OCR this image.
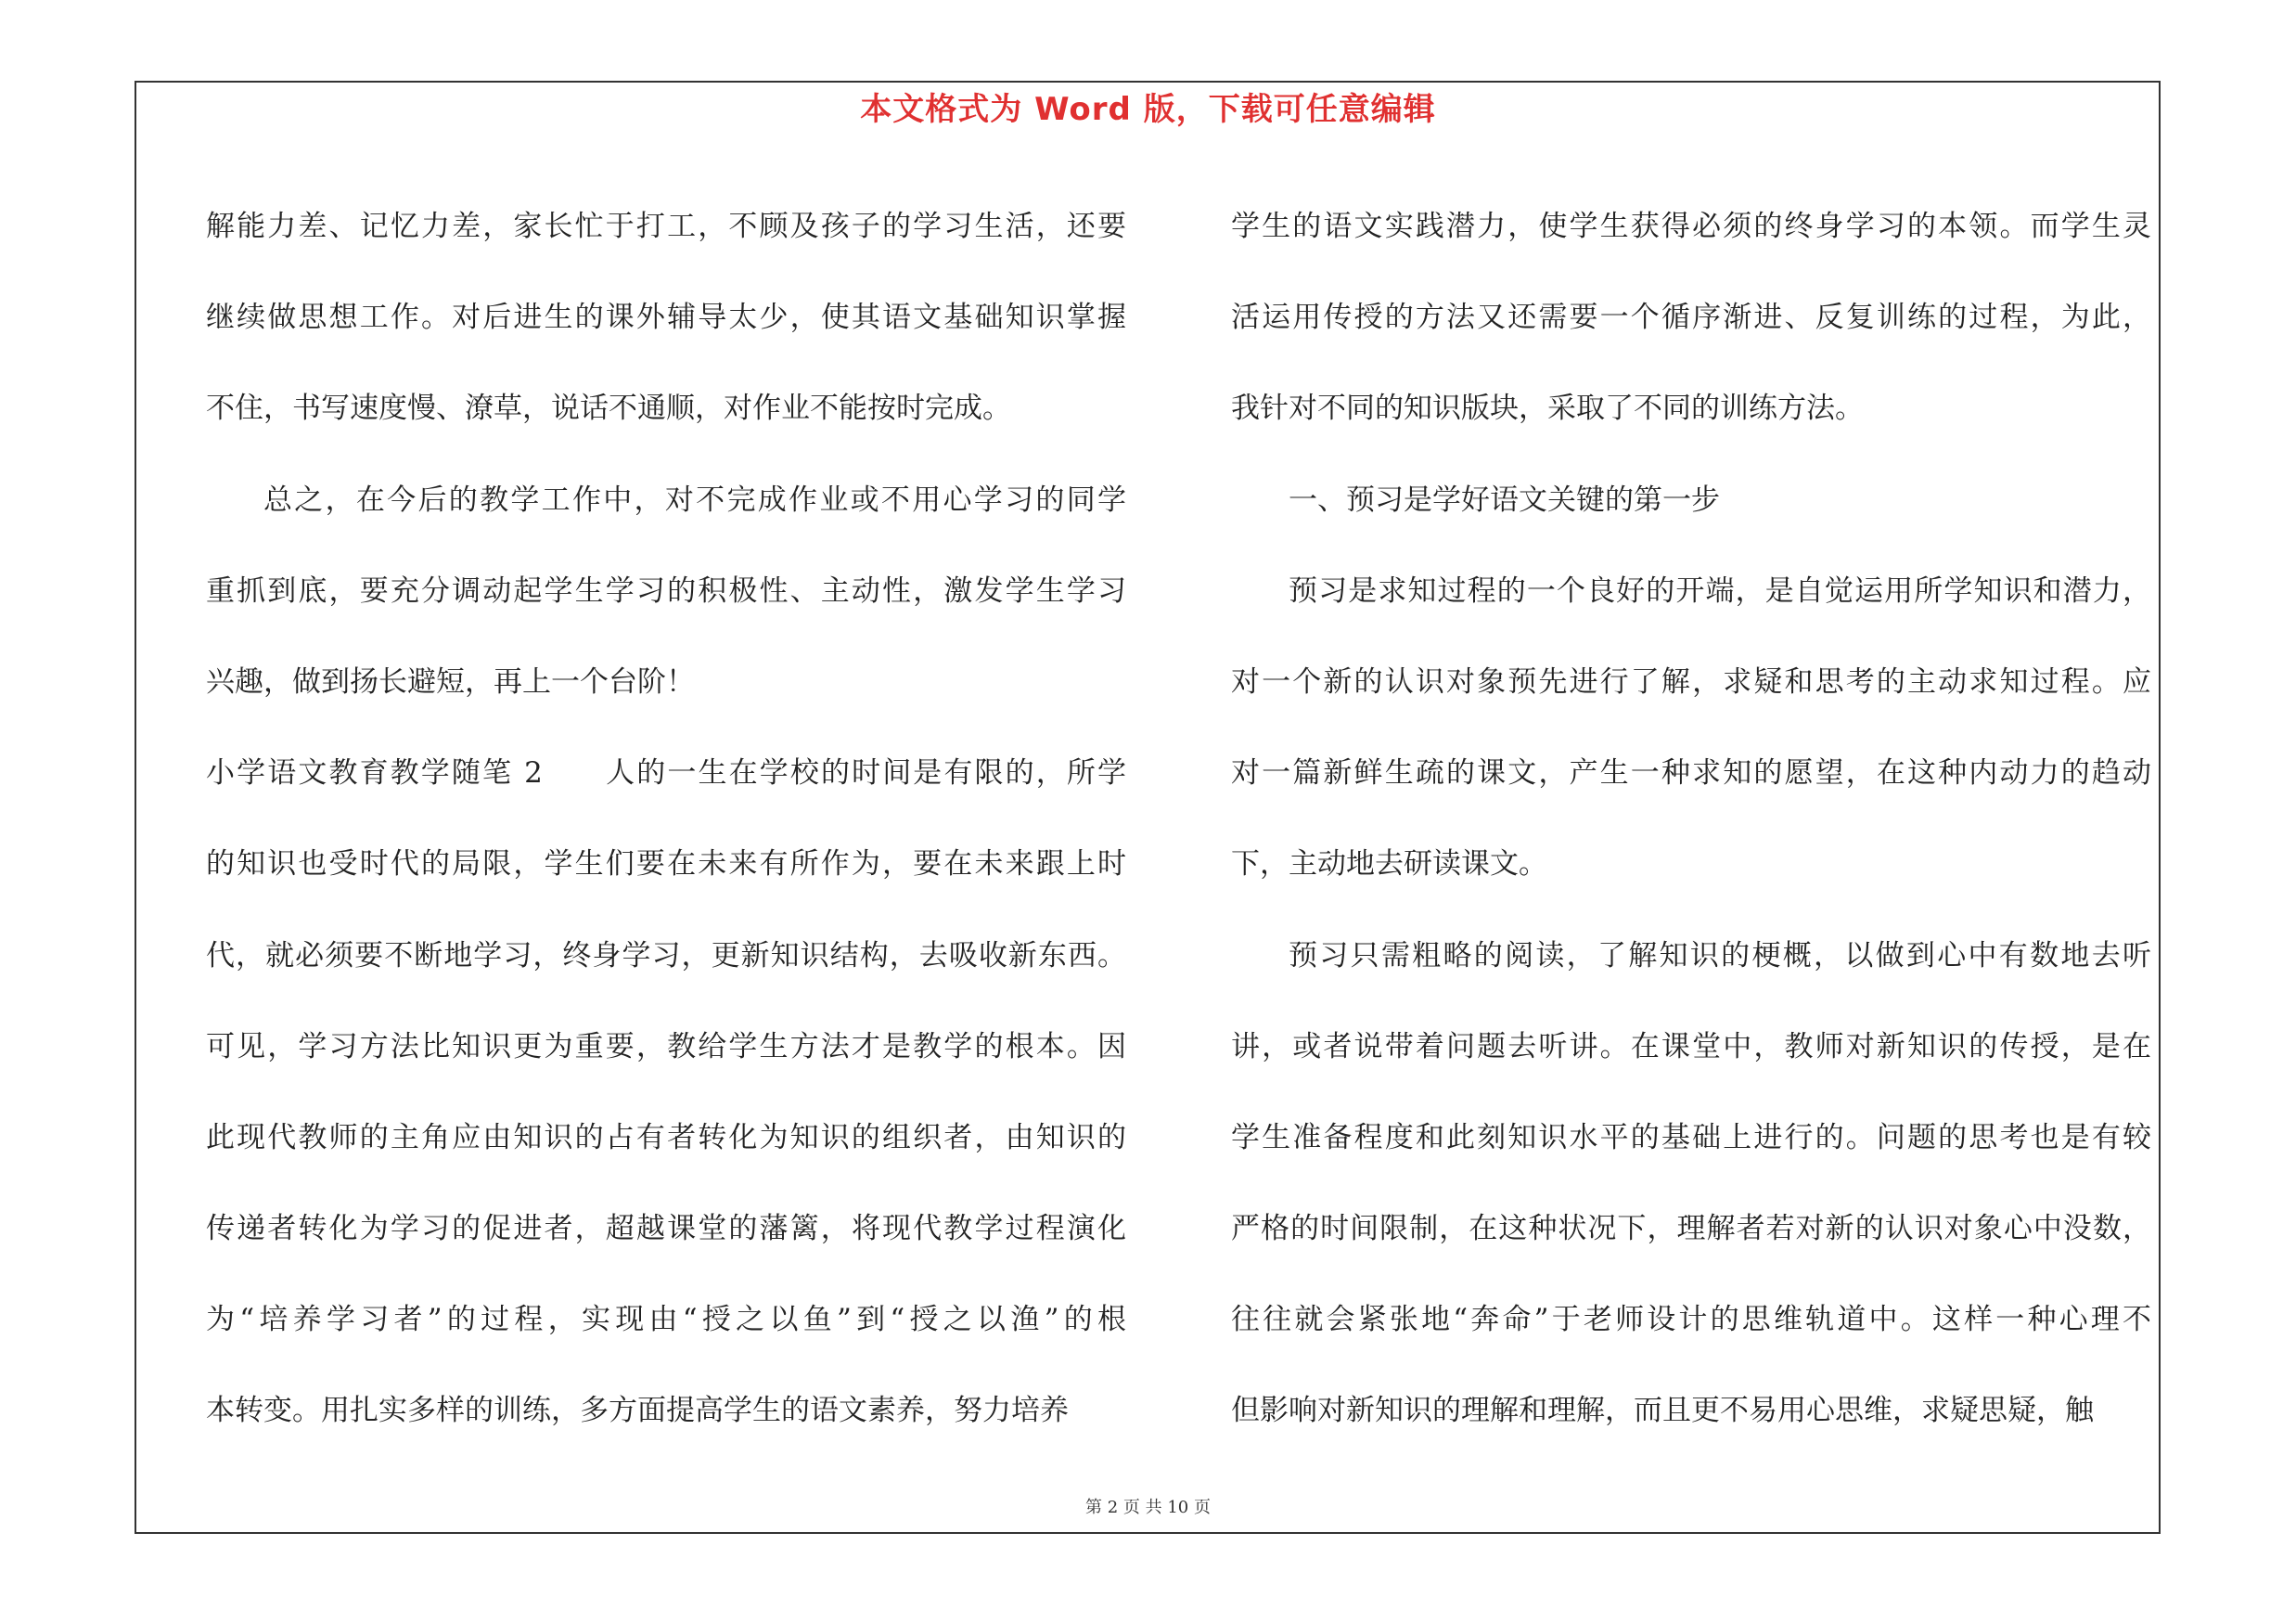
本文格式为 Word 版，下载可任意编辑
解能力差、记忆力差，家长忙于打工，不顾及孩子的学习生活，还要
继续做思想工作。对后进生的课外辅导太少，使其语文基础知识掌握
不住，书写速度慢、潦草，说话不通顺，对作业不能按时完成。
总之，在今后的教学工作中，对不完成作业或不用心学习的同学
重抓到底，要充分调动起学生学习的积极性、主动性，激发学生学习
兴趣，做到扬长避短，再上一个台阶！
小学语文教育教学随笔 2　　人的一生在学校的时间是有限的，所学
的知识也受时代的局限，学生们要在未来有所作为，要在未来跟上时
代，就必须要不断地学习，终身学习，更新知识结构，去吸收新东西。
可见，学习方法比知识更为重要，教给学生方法才是教学的根本。因
此现代教师的主角应由知识的占有者转化为知识的组织者，由知识的
传递者转化为学习的促进者，超越课堂的藩篱，将现代教学过程演化
为“培养学习者”的过程，实现由“授之以鱼”到“授之以渔”的根
本转变。用扎实多样的训练，多方面提高学生的语文素养，努力培养
学生的语文实践潜力，使学生获得必须的终身学习的本领。而学生灵
活运用传授的方法又还需要一个循序渐进、反复训练的过程，为此，
我针对不同的知识版块，采取了不同的训练方法。
一、预习是学好语文关键的第一步
预习是求知过程的一个良好的开端，是自觉运用所学知识和潜力，
对一个新的认识对象预先进行了解，求疑和思考的主动求知过程。应
对一篇新鲜生疏的课文，产生一种求知的愿望，在这种内动力的趋动
下，主动地去研读课文。
预习只需粗略的阅读，了解知识的梗概，以做到心中有数地去听
讲，或者说带着问题去听讲。在课堂中，教师对新知识的传授，是在
学生准备程度和此刻知识水平的基础上进行的。问题的思考也是有较
严格的时间限制，在这种状况下，理解者若对新的认识对象心中没数，
往往就会紧张地“奔命”于老师设计的思维轨道中。这样一种心理不
但影响对新知识的理解和理解，而且更不易用心思维，求疑思疑，触
第 2 页 共 10 页
